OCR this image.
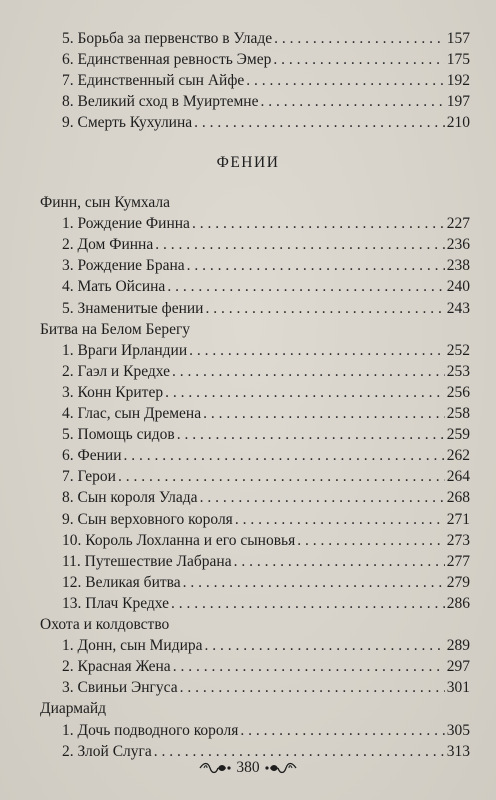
5. Борьба за первенство в Уладе . . .	157
6. Единственная ревность Эмер . . .	175
7. Единственный сын Айфе . . .	192
8. Великий сход в Муиртемне . . .	197
9. Смерть Кухулина . . .	210
ФЕНИИ
Финн, сын Кумхала
1. Рождение Финна . . .	227
2. Дом Финна . . .	236
3. Рождение Брана . . .	238
4. Мать Ойсина . . .	240
5. Знаменитые фении . . .	243
Битва на Белом Берегу
1. Враги Ирландии . . .	252
2. Гаэл и Кредхе . . .	253
3. Конн Критер . . .	256
4. Глас, сын Дремена . . .	258
5. Помощь сидов . . .	259
6. Фении . . .	262
7. Герои . . .	264
8. Сын короля Улада . . .	268
9. Сын верховного короля . . .	271
10. Король Лохланна и его сыновья . . .	273
11. Путешествие Лабрана . . .	277
12. Великая битва . . .	279
13. Плач Кредхе . . .	286
Охота и колдовство
1. Донн, сын Мидира . . .	289
2. Красная Жена . . .	297
3. Свиньи Энгуса . . .	301
Диармайд
1. Дочь подводного короля . . .	305
2. Злой Слуга . . .	313
380
